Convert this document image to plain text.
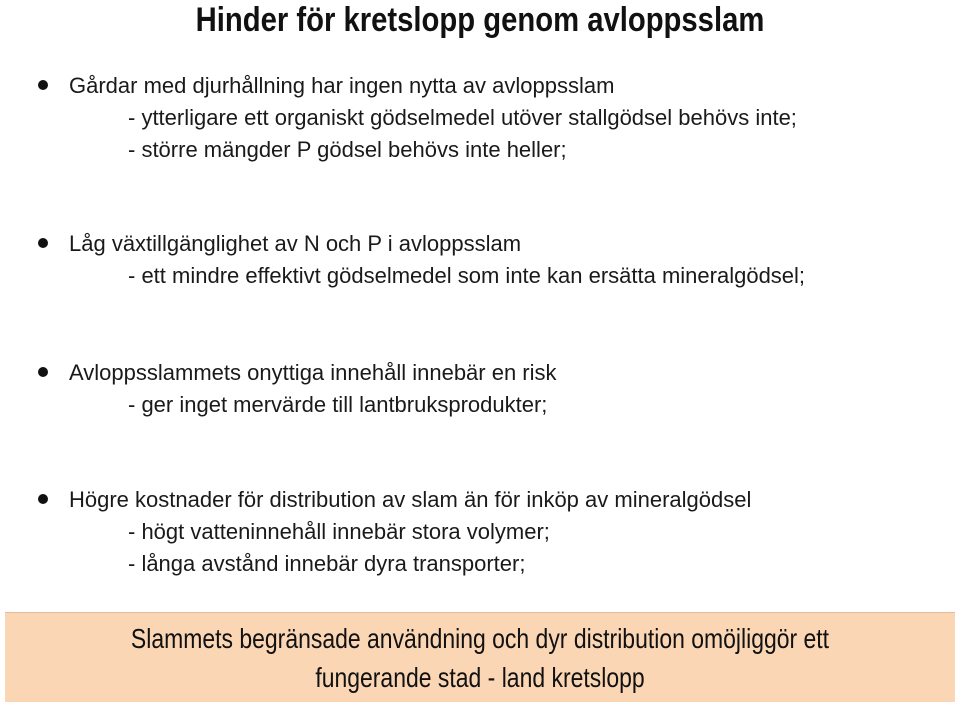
Hinder för kretslopp genom avloppsslam
Gårdar med djurhållning har ingen nytta av avloppsslam
- ytterligare ett organiskt gödselmedel utöver stallgödsel behövs inte;
- större mängder P gödsel behövs inte heller;
Låg växtillgänglighet av N och P i avloppsslam
- ett mindre effektivt gödselmedel som inte kan ersätta mineralgödsel;
Avloppsslammets onyttiga innehåll innebär en risk
- ger inget mervärde till lantbruksprodukter;
Högre kostnader för distribution av slam än för inköp av mineralgödsel
- högt vatteninnehåll innebär stora volymer;
- långa avstånd innebär dyra transporter;
Slammets begränsade användning och dyr distribution omöjliggör ett
fungerande stad - land kretslopp
